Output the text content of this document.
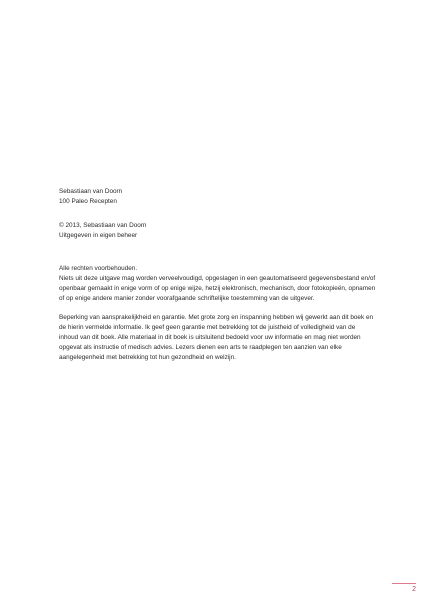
Sebastiaan van Doorn
100 Paleo Recepten
© 2013, Sebastiaan van Doorn
Uitgegeven in eigen beheer
Alle rechten voorbehouden.
Niets uit deze uitgave mag worden verveelvoudigd, opgeslagen in een geautomatiseerd gegevensbestand en/of
openbaar gemaakt in enige vorm of op enige wijze, hetzij elektronisch, mechanisch, door fotokopieën, opnamen
of op enige andere manier zonder voorafgaande schriftelijke toestemming van de uitgever.
Beperking van aansprakelijkheid en garantie. Met grote zorg en inspanning hebben wij gewerkt aan dit boek en
de hierin vermelde informatie. Ik geef geen garantie met betrekking tot de juistheid of volledigheid van de
inhoud van dit boek. Alle materiaal in dit boek is uitsluitend bedoeld voor uw informatie en mag niet worden
opgevat als instructie of medisch advies. Lezers dienen een arts te raadplegen ten aanzien van elke
aangelegenheid met betrekking tot hun gezondheid en welzijn.
2
